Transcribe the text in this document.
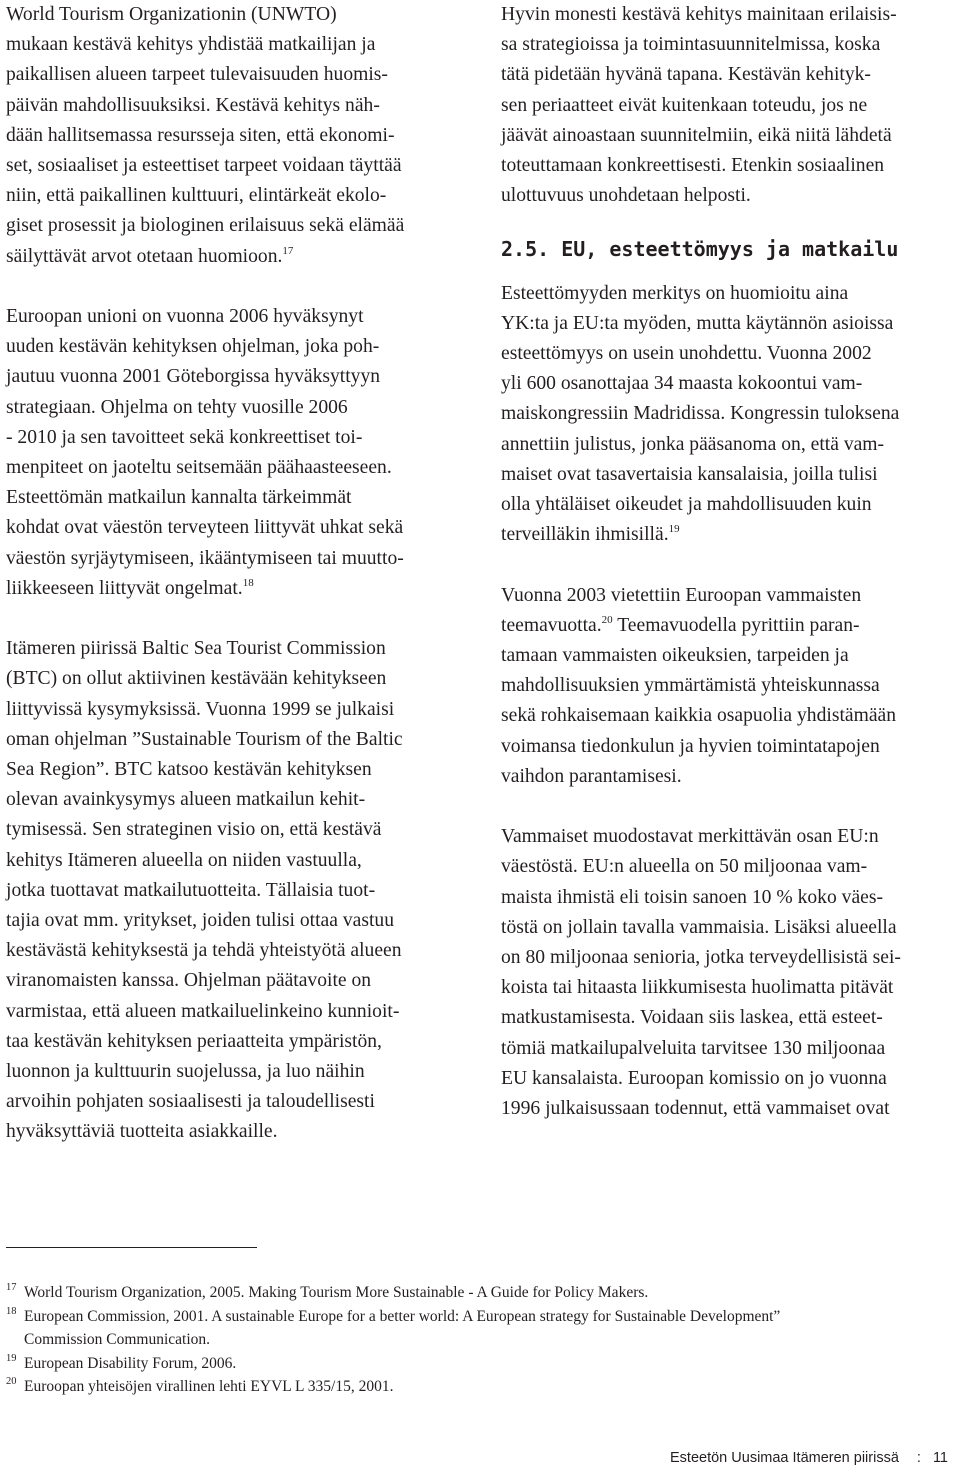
World Tourism Organizationin (UNWTO)
mukaan kestävä kehitys yhdistää matkailijan ja
paikallisen alueen tarpeet tulevaisuuden huomis-
päivän mahdollisuuksiksi. Kestävä kehitys näh-
dään hallitsemassa resursseja siten, että ekonomi-
set, sosiaaliset ja esteettiset tarpeet voidaan täyttää
niin, että paikallinen kulttuuri, elintärkeät ekolo-
giset prosessit ja biologinen erilaisuus sekä elämää
säilyttävät arvot otetaan huomioon.$^{17}$

Euroopan unioni on vuonna 2006 hyväksynyt
uuden kestävän kehityksen ohjelman, joka poh-
jautuu vuonna 2001 Göteborgissa hyväksyttyyn
strategiaan. Ohjelma on tehty vuosille 2006
- 2010 ja sen tavoitteet sekä konkreettiset toi-
menpiteet on jaoteltu seitsemään päähaasteeseen.
Esteettömän matkailun kannalta tärkeimmät
kohdat ovat väestön terveyteen liittyvät uhkat sekä
väestön syrjäytymiseen, ikääntymiseen tai muutto-
liikkeeseen liittyvät ongelmat.$^{18}$

Itämeren piirissä Baltic Sea Tourist Commission
(BTC) on ollut aktiivinen kestävään kehitykseen
liittyvissä kysymyksissä. Vuonna 1999 se julkaisi
oman ohjelman ”Sustainable Tourism of the Baltic
Sea Region”. BTC katsoo kestävän kehityksen
olevan avainkysymys alueen matkailun kehit-
tymisessä. Sen strateginen visio on, että kestävä
kehitys Itämeren alueella on niiden vastuulla,
jotka tuottavat matkailutuotteita. Tällaisia tuot-
tajia ovat mm. yritykset, joiden tulisi ottaa vastuu
kestävästä kehityksestä ja tehdä yhteistyötä alueen
viranomaisten kanssa. Ohjelman päätavoite on
varmistaa, että alueen matkailuelinkeino kunnioit-
taa kestävän kehityksen periaatteita ympäristön,
luonnon ja kulttuurin suojelussa, ja luo näihin
arvoihin pohjaten sosiaalisesti ja taloudellisesti
hyväksyttäviä tuotteita asiakkaille.

Hyvin monesti kestävä kehitys mainitaan erilaisis-
sa strategioissa ja toimintasuunnitelmissa, koska
tätä pidetään hyvänä tapana. Kestävän kehityk-
sen periaatteet eivät kuitenkaan toteudu, jos ne
jäävät ainoastaan suunnitelmiin, eikä niitä lähdetä
toteuttamaan konkreettisesti. Etenkin sosiaalinen
ulottuvuus unohdetaan helposti.

2.5. EU, esteettömyys ja matkailu

Esteettömyyden merkitys on huomioitu aina
YK:ta ja EU:ta myöden, mutta käytännön asioissa
esteettömyys on usein unohdettu. Vuonna 2002
yli 600 osanottajaa 34 maasta kokoontui vam-
maiskongressiin Madridissa. Kongressin tuloksena
annettiin julistus, jonka pääsanoma on, että vam-
maiset ovat tasavertaisia kansalaisia, joilla tulisi
olla yhtäläiset oikeudet ja mahdollisuuden kuin
terveilläkin ihmisillä.$^{19}$

Vuonna 2003 vietettiin Euroopan vammaisten
teemavuotta.$^{20}$ Teemavuodella pyrittiin paran-
tamaan vammaisten oikeuksien, tarpeiden ja
mahdollisuuksien ymmärtämistä yhteiskunnassa
sekä rohkaisemaan kaikkia osapuolia yhdistämään
voimansa tiedonkulun ja hyvien toimintatapojen
vaihdon parantamisesi.

Vammaiset muodostavat merkittävän osan EU:n
väestöstä. EU:n alueella on 50 miljoonaa vam-
maista ihmistä eli toisin sanoen 10 % koko väes-
töstä on jollain tavalla vammaisia. Lisäksi alueella
on 80 miljoonaa senioria, jotka terveydellisistä sei-
koista tai hitaasta liikkumisesta huolimatta pitävät
matkustamisesta. Voidaan siis laskea, että esteet-
tömiä matkailupalveluita tarvitsee 130 miljoonaa
EU kansalaista. Euroopan komissio on jo vuonna
1996 julkaisussaan todennut, että vammaiset ovat

17 World Tourism Organization, 2005. Making Tourism More Sustainable - A Guide for Policy Makers.
18 European Commission, 2001. A sustainable Europe for a better world: A European strategy for Sustainable Development”
Commission Communication.
19 European Disability Forum, 2006.
20 Euroopan yhteisöjen virallinen lehti EYVL L 335/15, 2001.
Esteetön Uusimaa Itämeren piirissä : 11
